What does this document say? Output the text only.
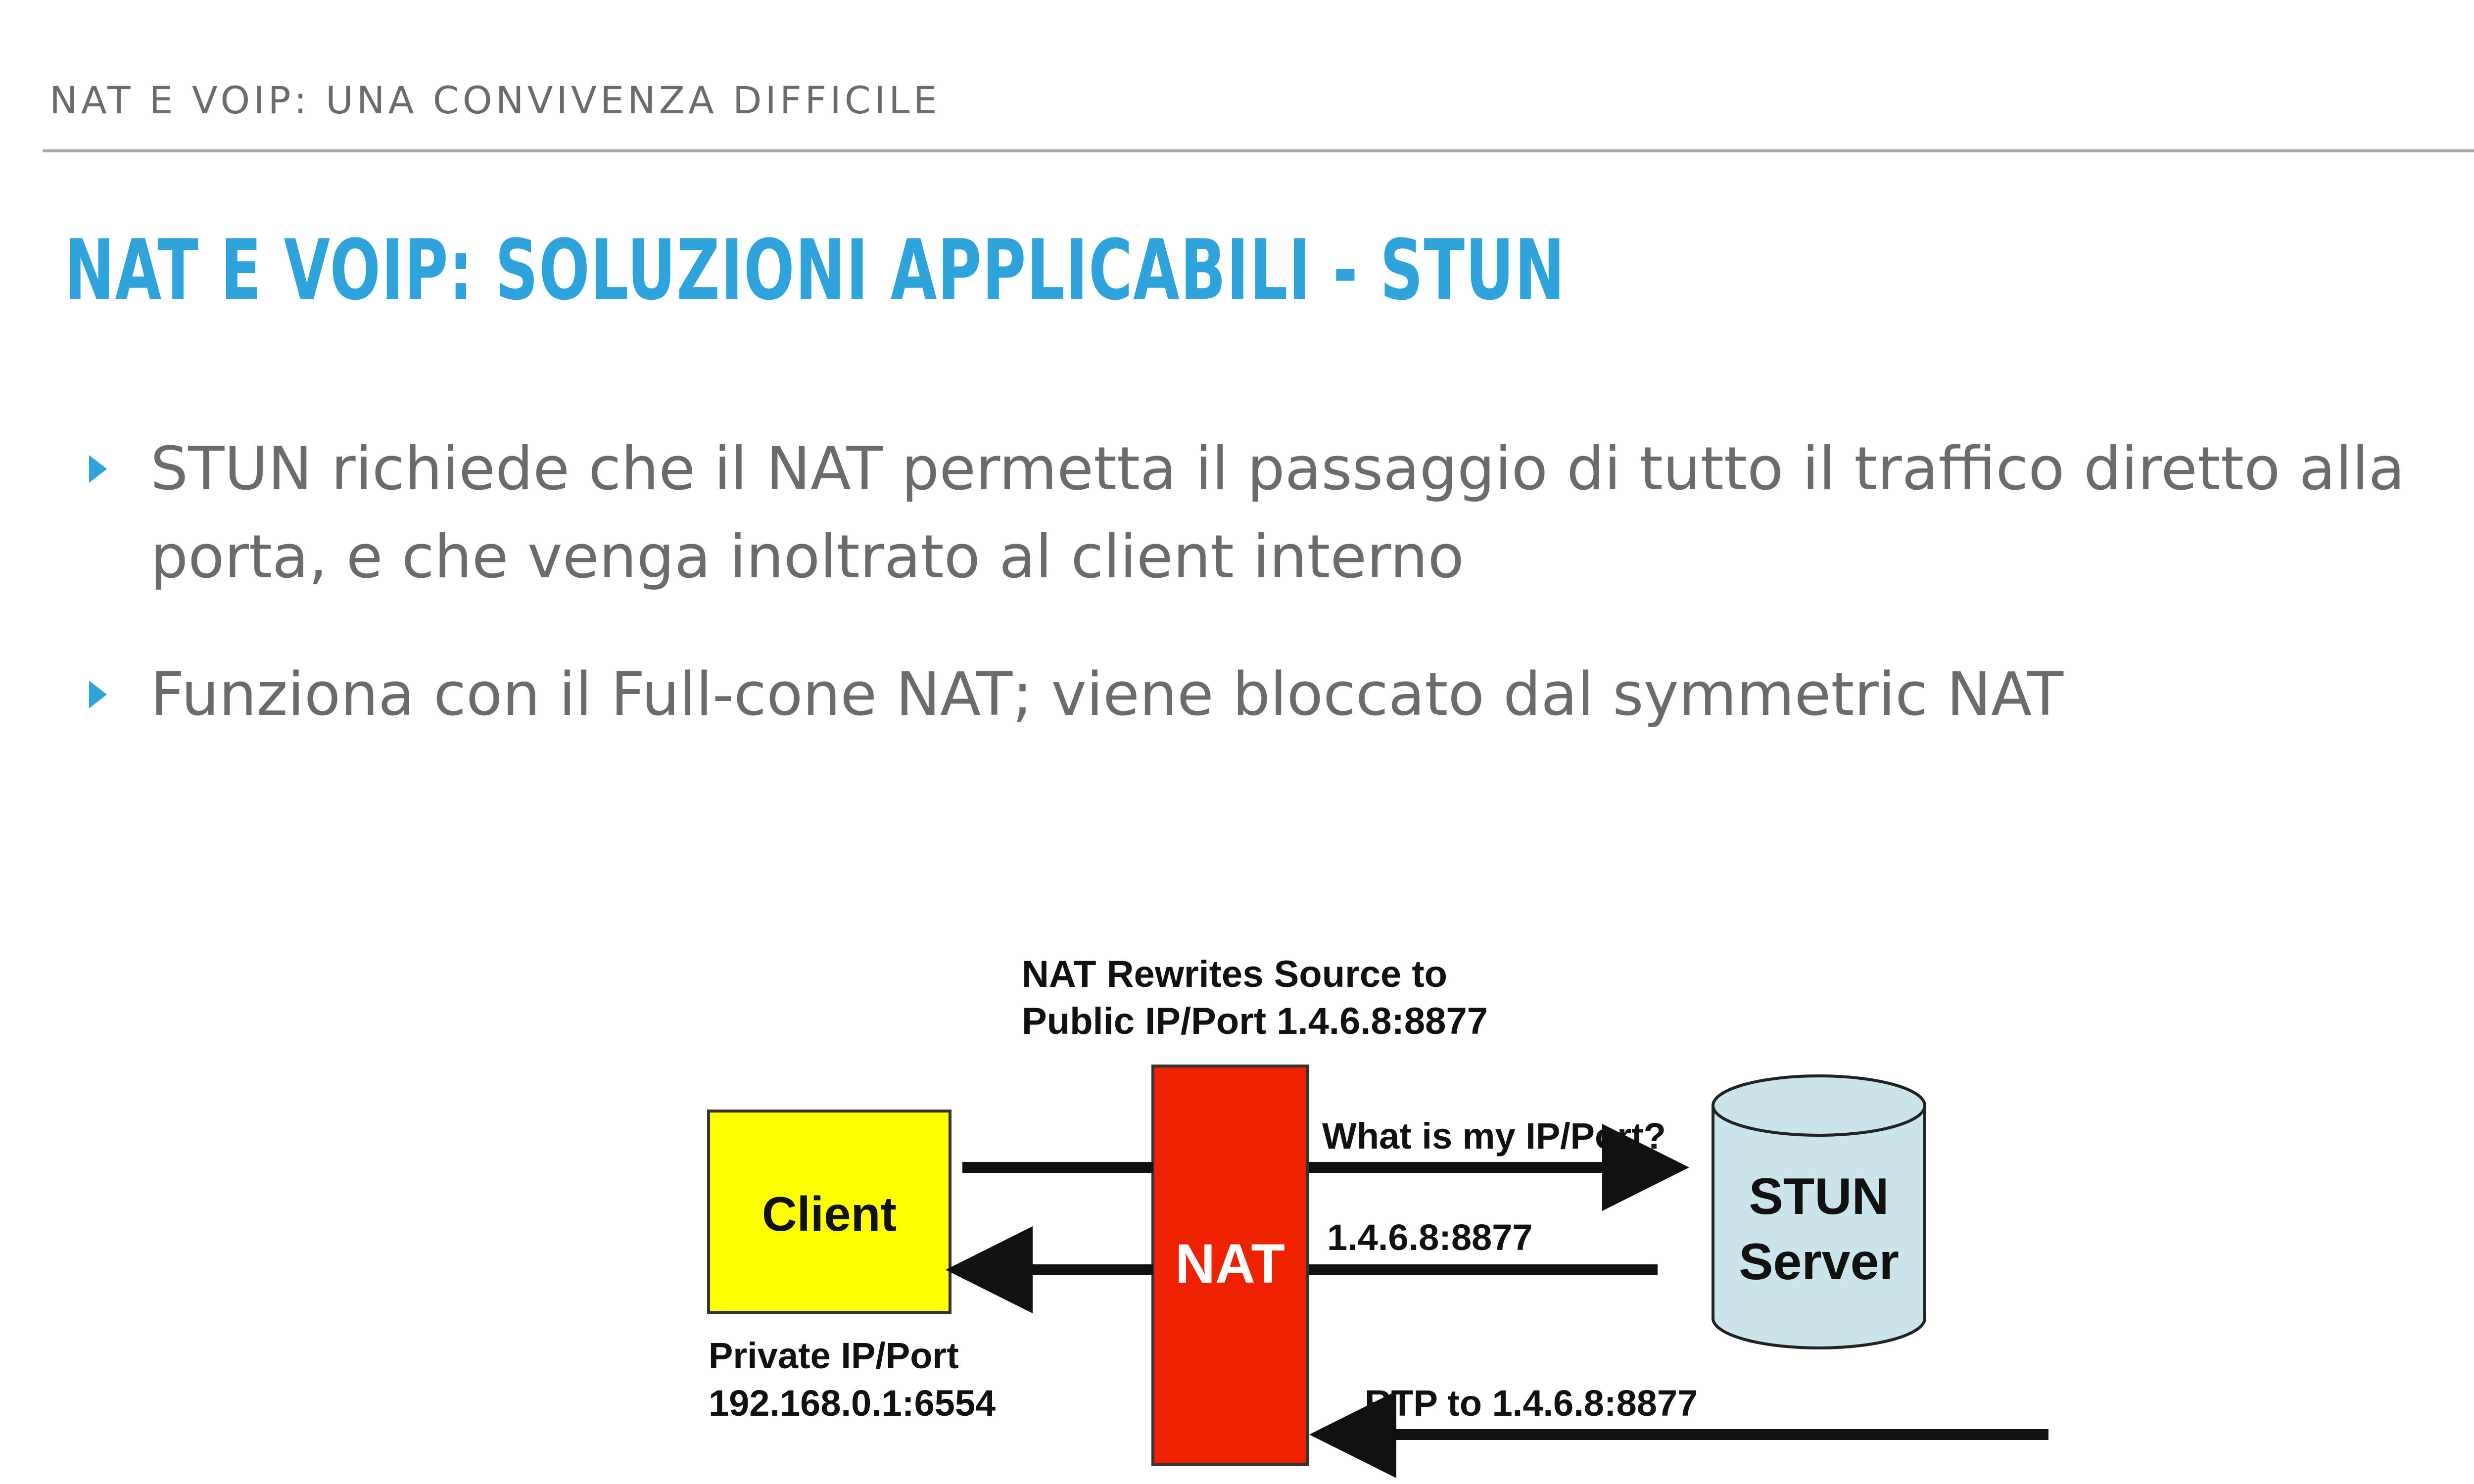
NAT E VOIP: UNA CONVIVENZA DIFFICILE
NAT E VOIP: SOLUZIONI APPLICABILI - STUN
STUN richiede che il NAT permetta il passaggio di tutto il traffico diretto alla porta, e che venga inoltrato al client interno
Funziona con il Full-cone NAT; viene bloccato dal symmetric NAT
NAT Rewrites Source to
Public IP/Port 1.4.6.8:8877
Client
Private IP/Port
192.168.0.1:6554
NAT
STUN
Server
What is my IP/Port?
1.4.6.8:8877
RTP to 1.4.6.8:8877
